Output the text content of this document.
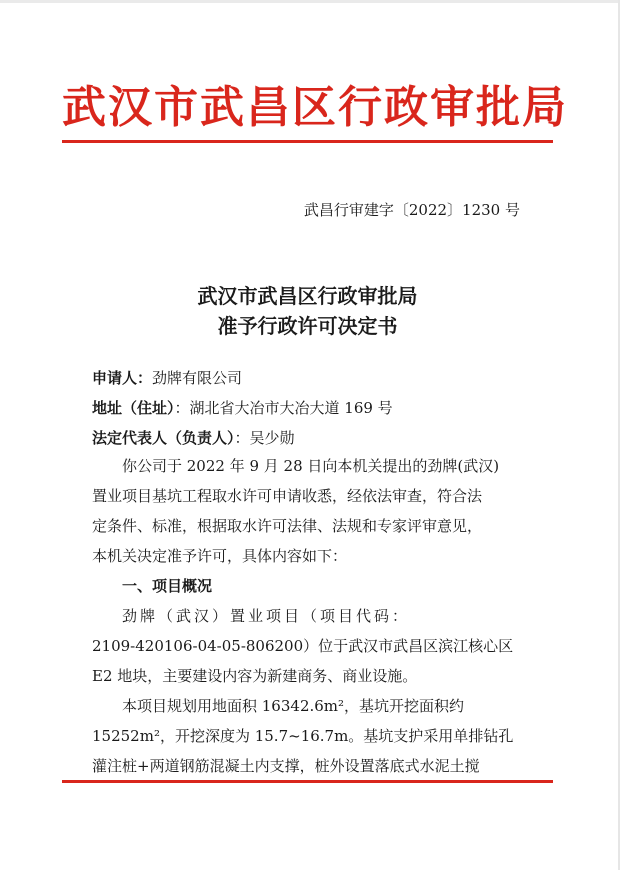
武汉市武昌区行政审批局
武昌行审建字〔2022〕1230 号
武汉市武昌区行政审批局
准予行政许可决定书
申请人：劲牌有限公司
地址（住址）：湖北省大冶市大冶大道 169 号
法定代表人（负责人）：吴少勋

你公司于 2022 年 9 月 28 日向本机关提出的劲牌(武汉)

置业项目基坑工程取水许可申请收悉，经依法审查，符合法

定条件、标准，根据取水许可法律、法规和专家评审意见，

本机关决定准予许可，具体内容如下：

一、项目概况

劲牌（武汉）置业项目（项目代码：

2109-420106-04-05-806200）位于武汉市武昌区滨江核心区

E2 地块，主要建设内容为新建商务、商业设施。

本项目规划用地面积 16342.6m²，基坑开挖面积约

15252m²，开挖深度为 15.7~16.7m。基坑支护采用单排钻孔

灌注桩+两道钢筋混凝土内支撑，桩外设置落底式水泥土搅
